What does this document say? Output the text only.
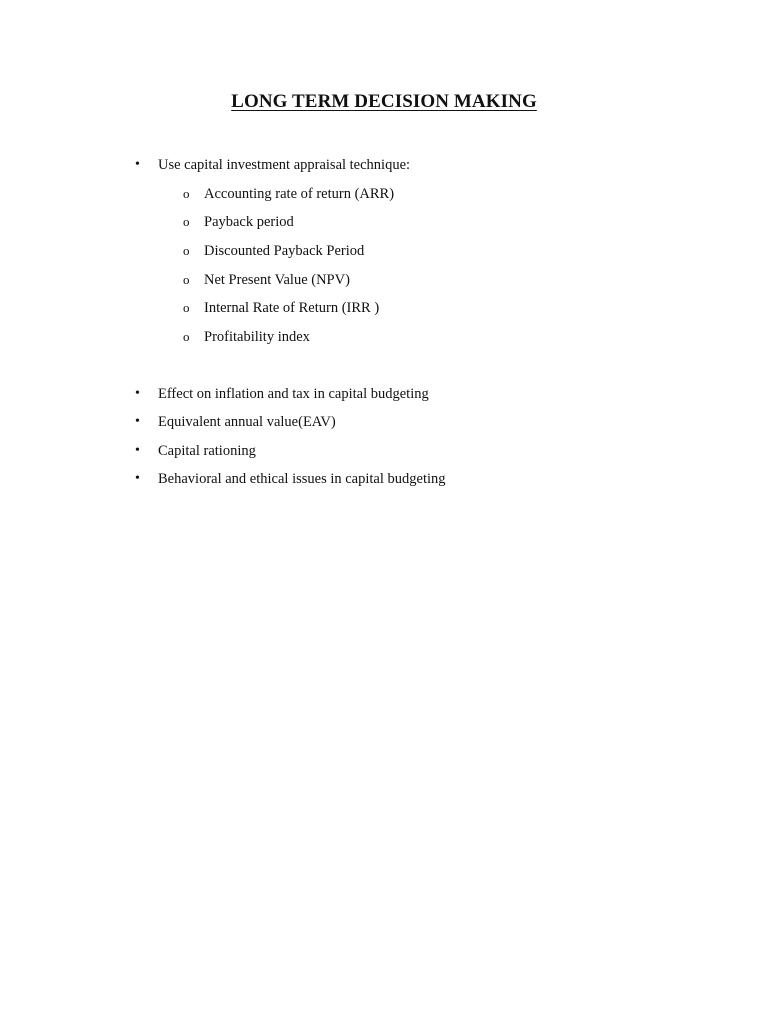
LONG TERM DECISION MAKING
• Use capital investment appraisal technique:
o Accounting rate of return (ARR)
o Payback period
o Discounted Payback Period
o Net Present Value (NPV)
o Internal Rate of Return (IRR )
o Profitability index
• Effect on inflation and tax in capital budgeting
• Equivalent annual value(EAV)
• Capital rationing
• Behavioral and ethical issues in capital budgeting
